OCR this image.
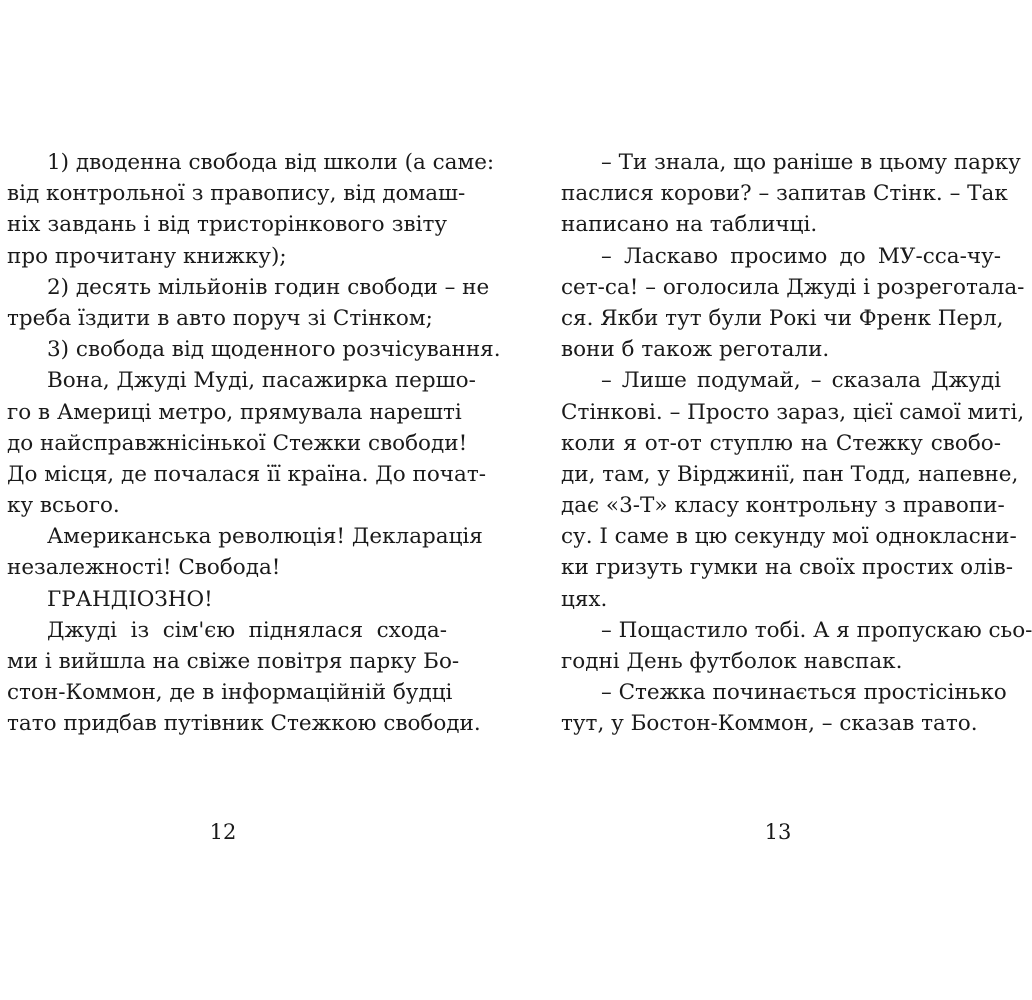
1) дводенна свобода від школи (а саме:
від контрольної з правопису, від домаш-
ніх завдань і від тристорінкового звіту
про прочитану книжку);
2) десять мільйонів годин свободи – не
треба їздити в авто поруч зі Стінком;
3) свобода від щоденного розчісування.
Вона, Джуді Муді, пасажирка першо-
го в Америці метро, прямувала нарешті
до найсправжнісінької Стежки свободи!
До місця, де почалася її країна. До почат-
ку всього.
Американська революція! Декларація
незалежності! Свобода!
ГРАНДІОЗНО!
Джуді із сім'єю піднялася сходa-
ми і вийшла на свіже повітря парку Бо-
стон-Коммон, де в інформаційній будці
тато придбав путівник Стежкою свободи.
– Ти знала, що раніше в цьому парку
паслися корови? – запитав Стінк. – Так
написано на табличці.
– Ласкаво просимо до МУ-сса-чу-
сет-са! – оголосила Джуді і розреготала-
ся. Якби тут були Рокі чи Френк Перл,
вони б також реготали.
– Лише подумай, – сказала Джуді
Стінкові. – Просто зараз, цієї самої миті,
коли я от-от ступлю на Стежку свобо-
ди, там, у Вірджинії, пан Тодд, напевне,
дає «3-Т» класу контрольну з правопи-
су. І саме в цю секунду мої однокласни-
ки гризуть гумки на своїх простих олів-
цях.
– Пощастило тобі. А я пропускаю сьо-
годні День футболок навспак.
– Стежка починається простісінько
тут, у Бостон-Коммон, – сказав тато.
12	13
